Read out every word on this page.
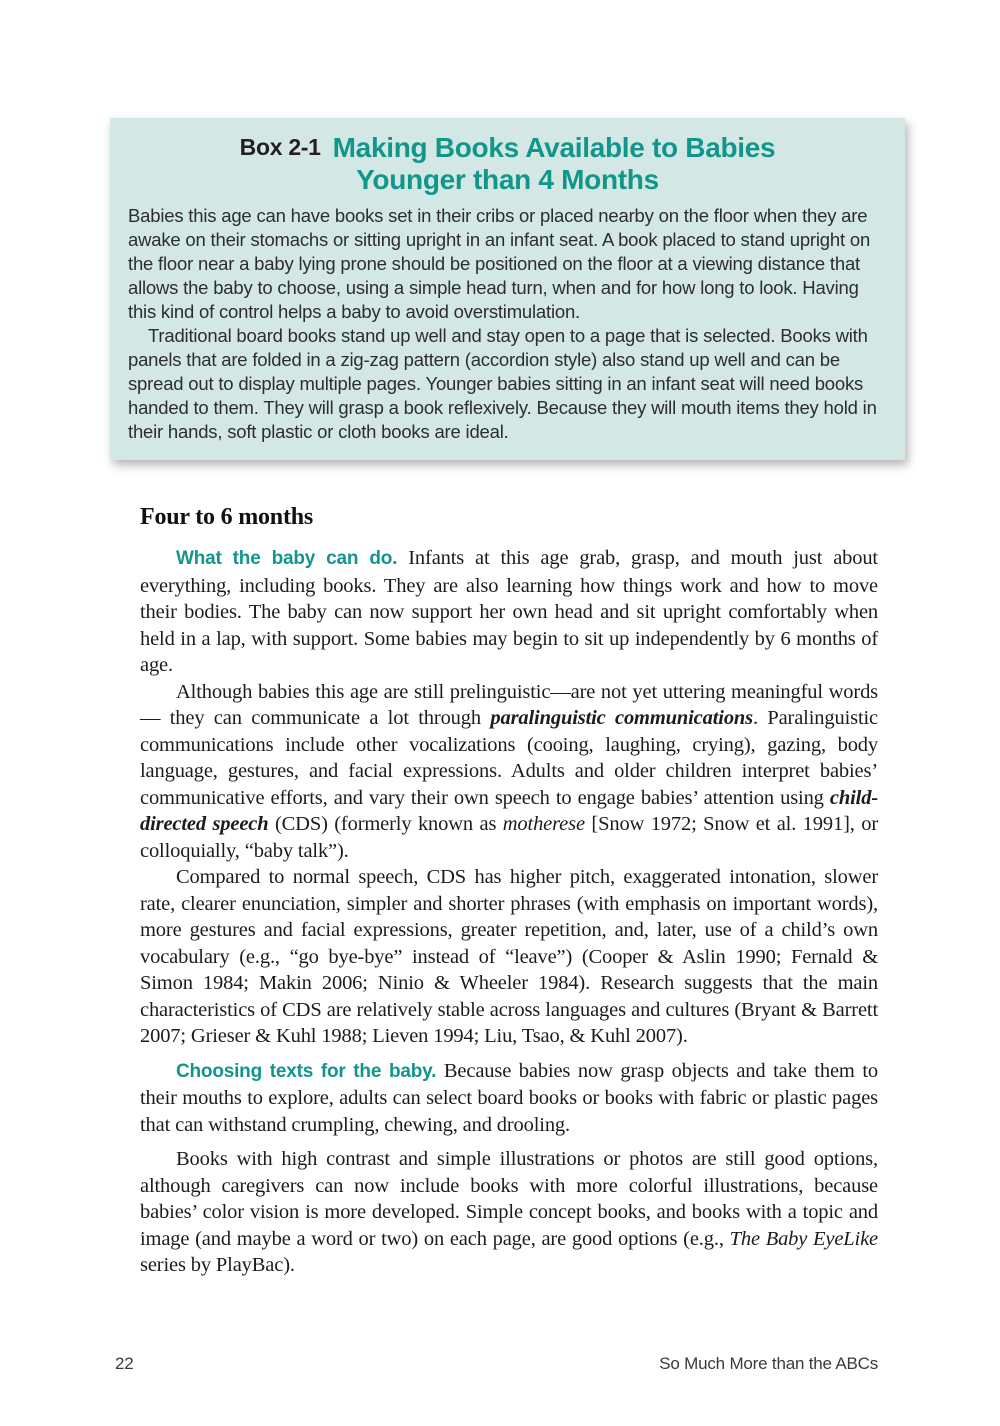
Box 2-1 Making Books Available to Babies
Younger than 4 Months

Babies this age can have books set in their cribs or placed nearby on the floor when they are awake on their stomachs or sitting upright in an infant seat. A book placed to stand upright on the floor near a baby lying prone should be positioned on the floor at a viewing distance that allows the baby to choose, using a simple head turn, when and for how long to look. Having this kind of control helps a baby to avoid overstimulation.

Traditional board books stand up well and stay open to a page that is selected. Books with panels that are folded in a zig-zag pattern (accordion style) also stand up well and can be spread out to display multiple pages. Younger babies sitting in an infant seat will need books handed to them. They will grasp a book reflexively. Because they will mouth items they hold in their hands, soft plastic or cloth books are ideal.

Four to 6 months

What the baby can do. Infants at this age grab, grasp, and mouth just about everything, including books. They are also learning how things work and how to move their bodies. The baby can now support her own head and sit upright comfortably when held in a lap, with support. Some babies may begin to sit up independently by 6 months of age.

Although babies this age are still prelinguistic—are not yet uttering meaningful words— they can communicate a lot through paralinguistic communications. Paralinguistic communications include other vocalizations (cooing, laughing, crying), gazing, body language, gestures, and facial expressions. Adults and older children interpret babies’ communicative efforts, and vary their own speech to engage babies’ attention using child-directed speech (CDS) (formerly known as motherese [Snow 1972; Snow et al. 1991], or colloquially, “baby talk”).

Compared to normal speech, CDS has higher pitch, exaggerated intonation, slower rate, clearer enunciation, simpler and shorter phrases (with emphasis on important words), more gestures and facial expressions, greater repetition, and, later, use of a child’s own vocabulary (e.g., “go bye-bye” instead of “leave”) (Cooper & Aslin 1990; Fernald & Simon 1984; Makin 2006; Ninio & Wheeler 1984). Research suggests that the main characteristics of CDS are relatively stable across languages and cultures (Bryant & Barrett 2007; Grieser & Kuhl 1988; Lieven 1994; Liu, Tsao, & Kuhl 2007).

Choosing texts for the baby. Because babies now grasp objects and take them to their mouths to explore, adults can select board books or books with fabric or plastic pages that can withstand crumpling, chewing, and drooling.

Books with high contrast and simple illustrations or photos are still good options, although caregivers can now include books with more colorful illustrations, because babies’ color vision is more developed. Simple concept books, and books with a topic and image (and maybe a word or two) on each page, are good options (e.g., The Baby EyeLike series by PlayBac).

22	So Much More than the ABCs
